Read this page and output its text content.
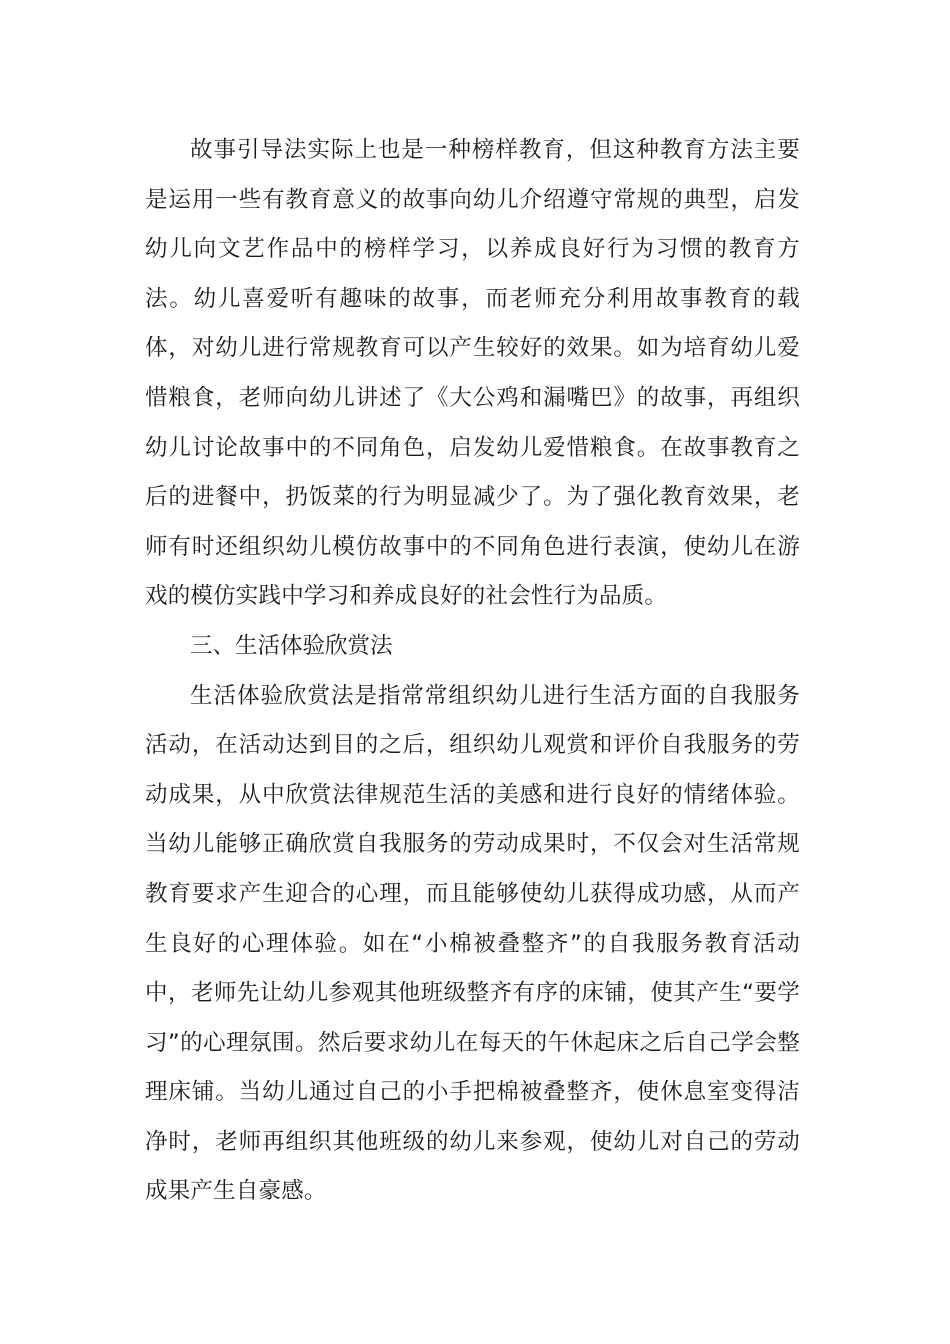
故事引导法实际上也是一种榜样教育，但这种教育方法主要是运用一些有教育意义的故事向幼儿介绍遵守常规的典型，启发幼儿向文艺作品中的榜样学习，以养成良好行为习惯的教育方法。幼儿喜爱听有趣味的故事，而老师充分利用故事教育的载体，对幼儿进行常规教育可以产生较好的效果。如为培育幼儿爱惜粮食，老师向幼儿讲述了《大公鸡和漏嘴巴》的故事，再组织幼儿讨论故事中的不同角色，启发幼儿爱惜粮食。在故事教育之后的进餐中，扔饭菜的行为明显减少了。为了强化教育效果，老师有时还组织幼儿模仿故事中的不同角色进行表演，使幼儿在游戏的模仿实践中学习和养成良好的社会性行为品质。

三、生活体验欣赏法

生活体验欣赏法是指常常组织幼儿进行生活方面的自我服务活动，在活动达到目的之后，组织幼儿观赏和评价自我服务的劳动成果，从中欣赏法律规范生活的美感和进行良好的情绪体验。当幼儿能够正确欣赏自我服务的劳动成果时，不仅会对生活常规教育要求产生迎合的心理，而且能够使幼儿获得成功感，从而产生良好的心理体验。如在“小棉被叠整齐”的自我服务教育活动中，老师先让幼儿参观其他班级整齐有序的床铺，使其产生“要学习”的心理氛围。然后要求幼儿在每天的午休起床之后自己学会整理床铺。当幼儿通过自己的小手把棉被叠整齐，使休息室变得洁净时，老师再组织其他班级的幼儿来参观，使幼儿对自己的劳动成果产生自豪感。
